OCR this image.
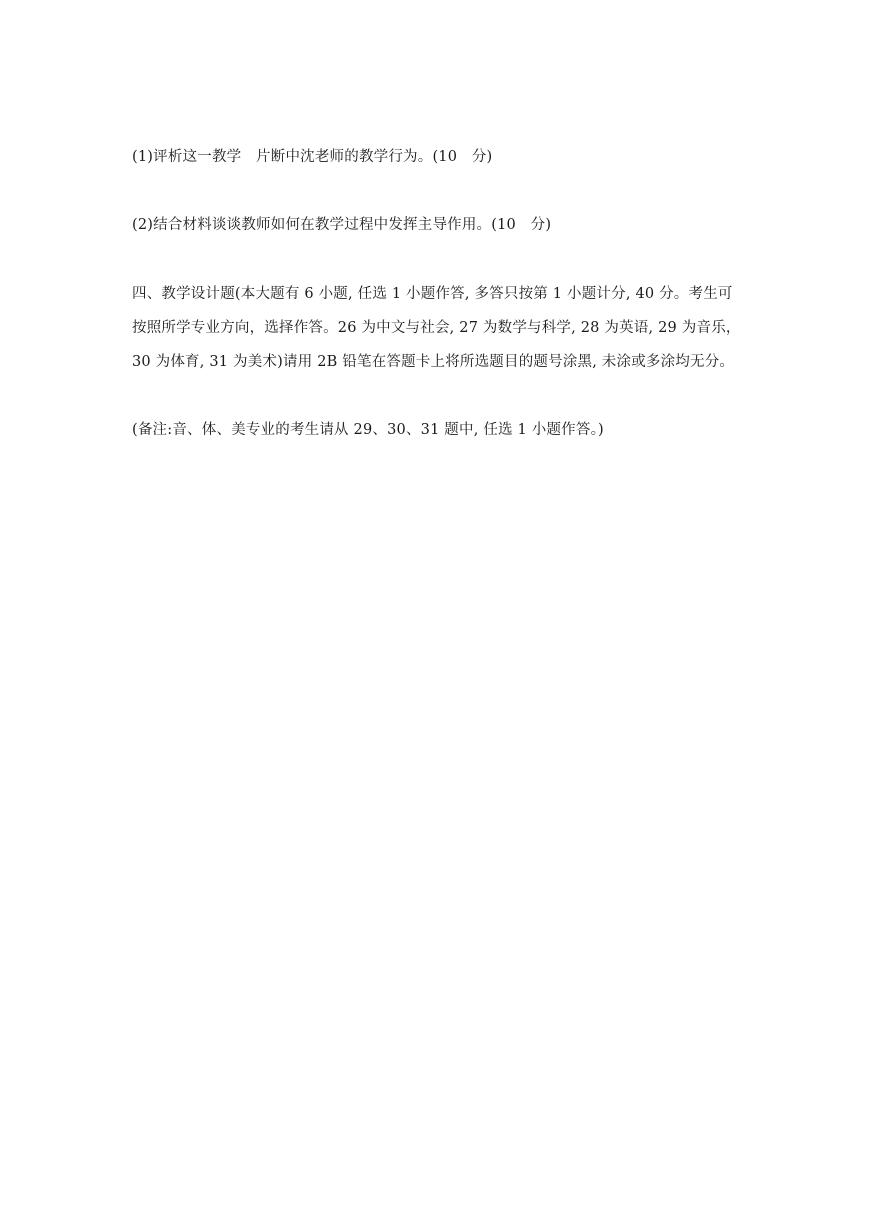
(1)评析这一教学　片断中沈老师的教学行为。(10　分)
(2)结合材料谈谈教师如何在教学过程中发挥主导作用。(10　分)
四、教学设计题(本大题有 6 小题, 任选 1 小题作答, 多答只按第 1 小题计分, 40 分。考生可
按照所学专业方向，选择作答。26 为中文与社会, 27 为数学与科学, 28 为英语, 29 为音乐，
30 为体育, 31 为美术)请用 2B 铅笔在答题卡上将所选题目的题号涂黑, 未涂或多涂均无分。
(备注:音、体、美专业的考生请从 29、30、31 题中, 任选 1 小题作答。)
